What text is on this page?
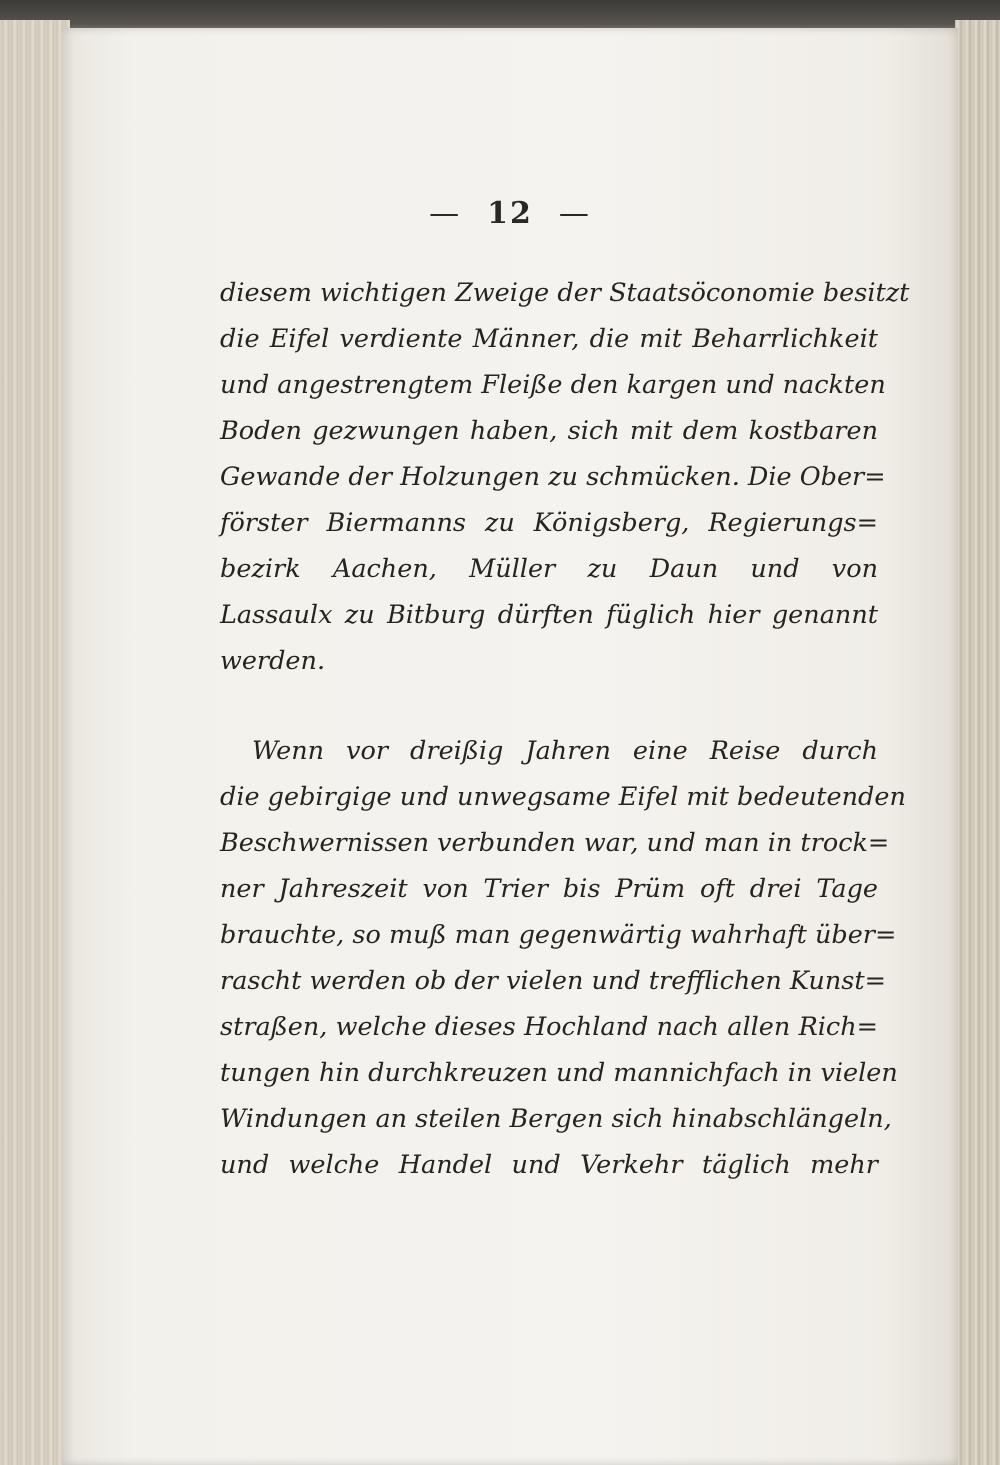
— 12 —
diesem wichtigen Zweige der Staatsöconomie besitzt
die Eifel verdiente Männer, die mit Beharrlichkeit
und angestrengtem Fleiße den kargen und nackten
Boden gezwungen haben, sich mit dem kostbaren
Gewande der Holzungen zu schmücken. Die Ober=
förster Biermanns zu Königsberg, Regierungs=
bezirk Aachen, Müller zu Daun und von
Lassaulx zu Bitburg dürften füglich hier genannt
werden.
Wenn vor dreißig Jahren eine Reise durch
die gebirgige und unwegsame Eifel mit bedeutenden
Beschwernissen verbunden war, und man in trock=
ner Jahreszeit von Trier bis Prüm oft drei Tage
brauchte, so muß man gegenwärtig wahrhaft über=
rascht werden ob der vielen und trefflichen Kunst=
straßen, welche dieses Hochland nach allen Rich=
tungen hin durchkreuzen und mannichfach in vielen
Windungen an steilen Bergen sich hinabschlängeln,
und welche Handel und Verkehr täglich mehr
